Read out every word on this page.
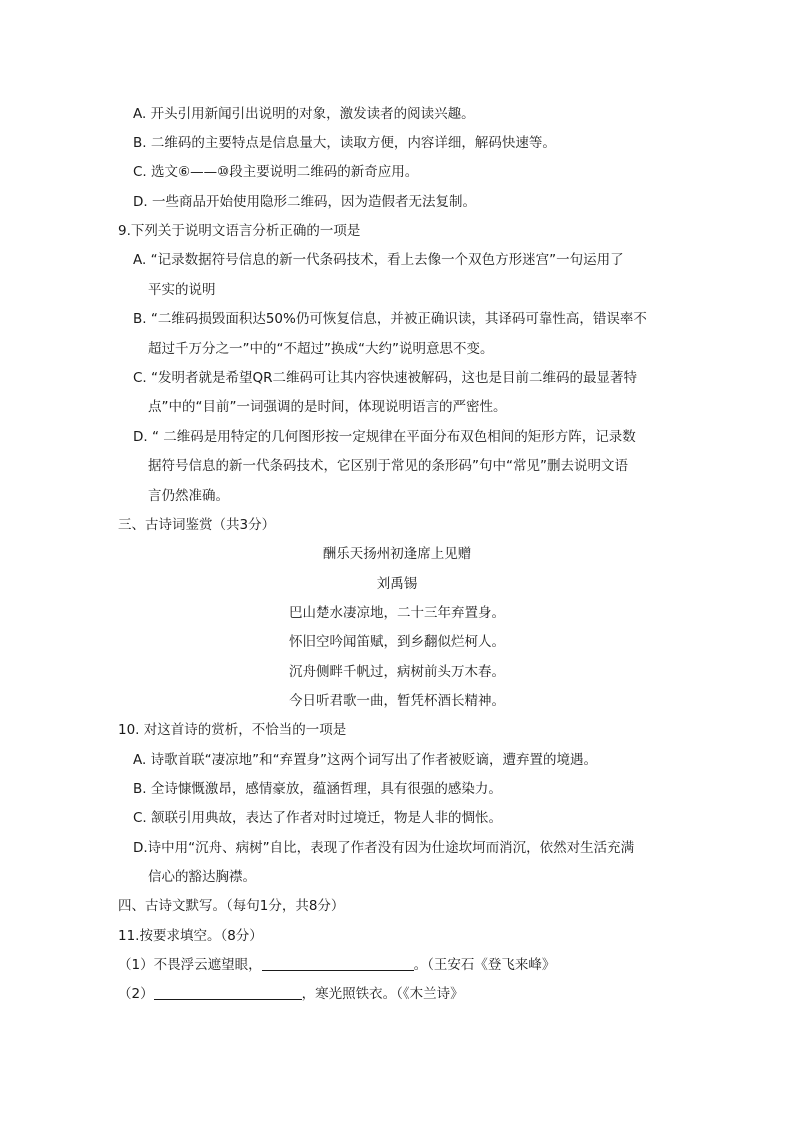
A. 开头引用新闻引出说明的对象，激发读者的阅读兴趣。
B. 二维码的主要特点是信息量大，读取方便，内容详细，解码快速等。
C. 选文⑥——⑩段主要说明二维码的新奇应用。
D. 一些商品开始使用隐形二维码，因为造假者无法复制。
9.下列关于说明文语言分析正确的一项是
A. “记录数据符号信息的新一代条码技术，看上去像一个双色方形迷宫”一句运用了
平实的说明
B. “二维码损毁面积达50%仍可恢复信息，并被正确识读，其译码可靠性高，错误率不
超过千万分之一”中的“不超过”换成“大约”说明意思不变。
C. “发明者就是希望QR二维码可让其内容快速被解码，这也是目前二维码的最显著特
点”中的“目前”一词强调的是时间，体现说明语言的严密性。
D. “ 二维码是用特定的几何图形按一定规律在平面分布双色相间的矩形方阵，记录数
据符号信息的新一代条码技术，它区别于常见的条形码”句中“常见”删去说明文语
言仍然准确。
三、古诗词鉴赏（共3分）
酬乐天扬州初逢席上见赠
刘禹锡
巴山楚水凄凉地，二十三年弃置身。
怀旧空吟闻笛赋，到乡翻似烂柯人。
沉舟侧畔千帆过，病树前头万木春。
今日听君歌一曲，暂凭杯酒长精神。
10. 对这首诗的赏析，不恰当的一项是
A. 诗歌首联“凄凉地”和“弃置身”这两个词写出了作者被贬谪，遭弃置的境遇。
B. 全诗慷慨激昂，感情豪放，蕴涵哲理，具有很强的感染力。
C. 颔联引用典故，表达了作者对时过境迁，物是人非的惆怅。
D.诗中用“沉舟、病树”自比，表现了作者没有因为仕途坎坷而消沉，依然对生活充满
信心的豁达胸襟。
四、古诗文默写。（每句1分，共8分）
11.按要求填空。（8分）
（1）不畏浮云遮望眼，	。（王安石《登飞来峰》
（2）	，寒光照铁衣。（《木兰诗》
